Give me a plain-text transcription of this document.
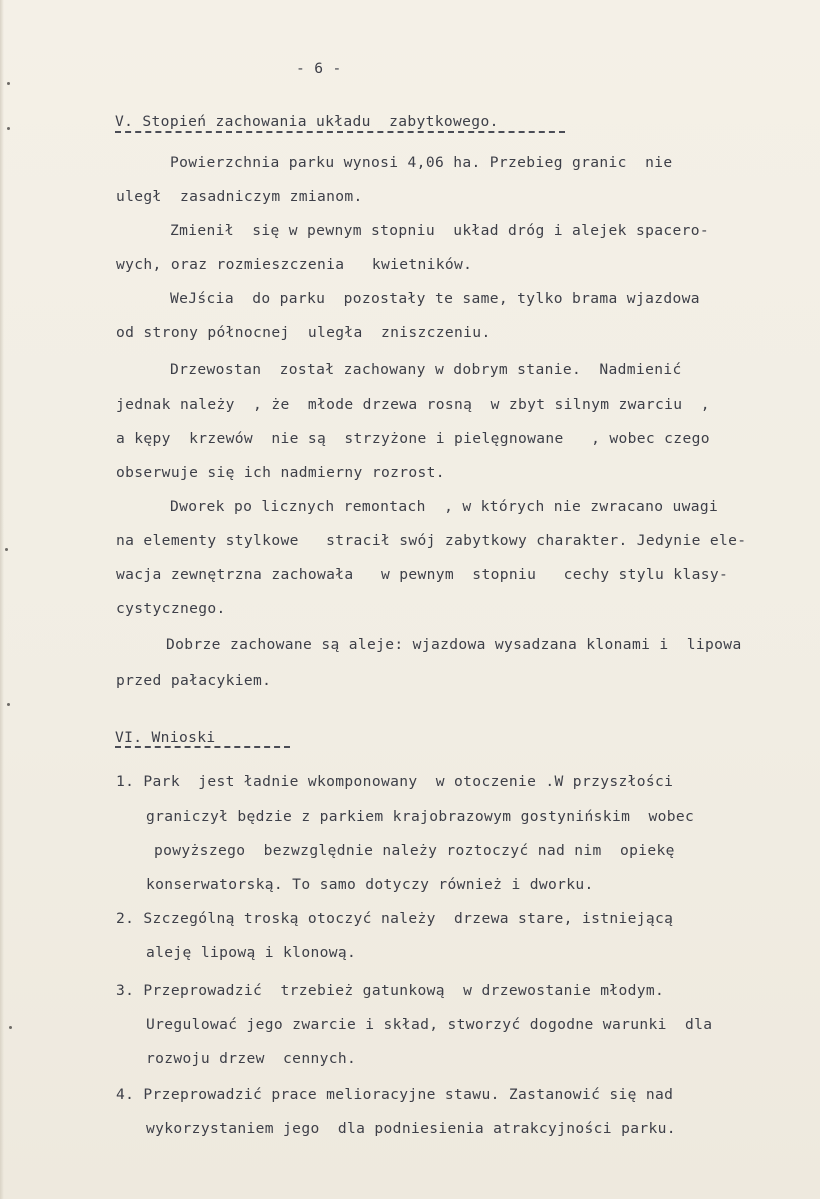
- 6 -
V. Stopień zachowania układu  zabytkowego.
Powierzchnia parku wynosi 4,06 ha. Przebieg granic  nie
uległ  zasadniczym zmianom.
Zmienił  się w pewnym stopniu  układ dróg i alejek spacero-
wych, oraz rozmieszczenia   kwietników.
WeJścia  do parku  pozostały te same, tylko brama wjazdowa
od strony północnej  uległa  zniszczeniu.
Drzewostan  został zachowany w dobrym stanie.  Nadmienić
jednak należy  , że  młode drzewa rosną  w zbyt silnym zwarciu  ,
a kępy  krzewów  nie są  strzyżone i pielęgnowane   , wobec czego
obserwuje się ich nadmierny rozrost.
Dworek po licznych remontach  , w których nie zwracano uwagi
na elementy stylkowe   stracił swój zabytkowy charakter. Jedynie ele-
wacja zewnętrzna zachowała   w pewnym  stopniu   cechy stylu klasy-
cystycznego.
Dobrze zachowane są aleje: wjazdowa wysadzana klonami i  lipowa
przed pałacykiem.
VI. Wnioski
1. Park  jest ładnie wkomponowany  w otoczenie .W przyszłości
graniczył będzie z parkiem krajobrazowym gostynińskim  wobec
powyższego  bezwzględnie należy roztoczyć nad nim  opiekę
konserwatorską. To samo dotyczy również i dworku.
2. Szczególną troską otoczyć należy  drzewa stare, istniejącą
aleję lipową i klonową.
3. Przeprowadzić  trzebież gatunkową  w drzewostanie młodym.
Uregulować jego zwarcie i skład, stworzyć dogodne warunki  dla
rozwoju drzew  cennych.
4. Przeprowadzić prace melioracyjne stawu. Zastanowić się nad
wykorzystaniem jego  dla podniesienia atrakcyjności parku.
